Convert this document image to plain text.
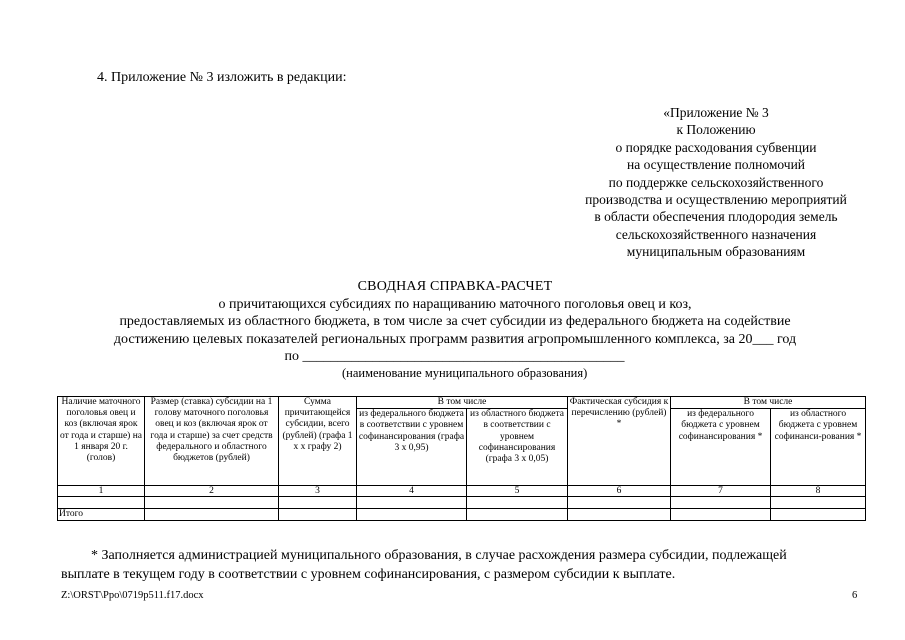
4. Приложение № 3 изложить в редакции:
«Приложение № 3
к Положению
о порядке расходования субвенции
на осуществление полномочий
по поддержке сельскохозяйственного
производства и осуществлению мероприятий
в области обеспечения плодородия земель
сельскохозяйственного назначения
муниципальным образованиям
СВОДНАЯ СПРАВКА-РАСЧЕТ
о причитающихся субсидиях по наращиванию маточного поголовья овец и коз,
предоставляемых из областного бюджета, в том числе за счет субсидии из федерального бюджета на содействие
достижению целевых показателей региональных программ развития агропромышленного комплекса, за 20___ год
по ______________________________________________
(наименование муниципального образования)
Наличие маточного поголовья овец и коз (включая ярок от года и старше) на 1 января 20 г. (голов)	Размер (ставка) субсидии на 1 голову маточного поголовья овец и коз (включая ярок от года и старше) за счет средств федерального и областного бюджетов (рублей)	Сумма причитающейся субсидии, всего (рублей) (графа 1 х х графу 2)	В том числе		Фактическая субсидия к перечислению (рублей) *	В том числе	
			из федерального бюджета в соответствии с уровнем софинансирования (графа 3 х 0,95)	из областного бюджета в соответствии с уровнем софинансирования (графа 3 х 0,05)		из федерального бюджета с уровнем софинансирования *	из областного бюджета с уровнем софинанси-рования *
1	2	3	4	5	6	7	8

Итого							
* Заполняется администрацией муниципального образования, в случае расхождения размера субсидии, подлежащей
выплате в текущем году в соответствии с уровнем софинансирования, с размером субсидии к выплате.
Z:\ORST\Ppo\0719p511.f17.docx	6
